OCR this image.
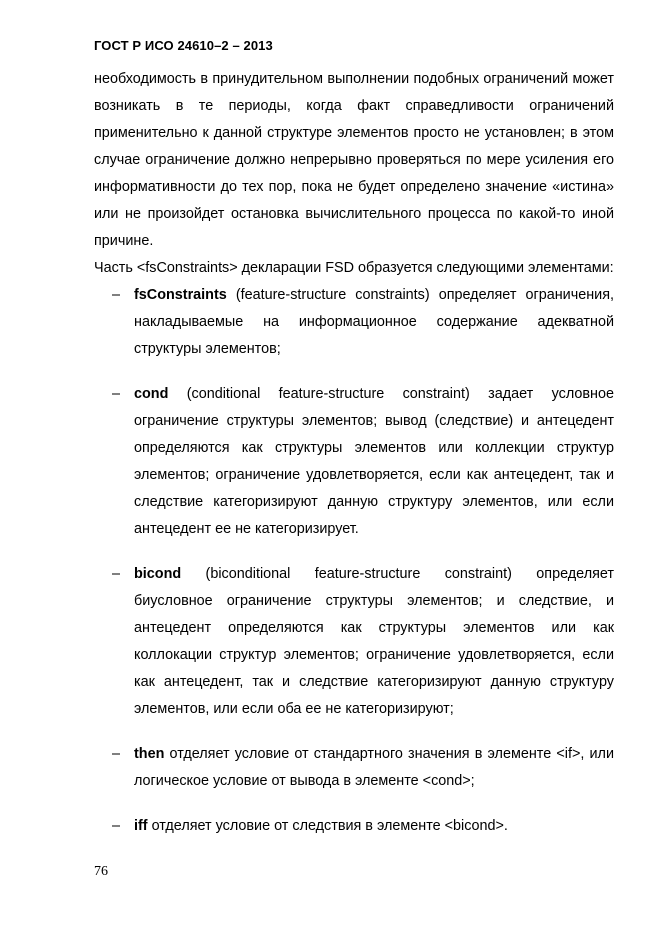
ГОСТ Р ИСО 24610–2 – 2013

необходимость в принудительном выполнении подобных ограничений может возникать в те периоды, когда факт справедливости ограничений применительно к данной структуре элементов просто не установлен; в этом случае ограничение должно непрерывно проверяться по мере усиления его информативности до тех пор, пока не будет определено значение «истина» или не произойдет остановка вычислительного процесса по какой-то иной причине.

Часть <fsConstraints> декларации FSD образуется следующими элементами:

– fsConstraints (feature-structure constraints) определяет ограничения, накладываемые на информационное содержание адекватной структуры элементов;
– cond (conditional feature-structure constraint) задает условное ограничение структуры элементов; вывод (следствие) и антецедент определяются как структуры элементов или коллекции структур элементов; ограничение удовлетворяется, если как антецедент, так и следствие категоризируют данную структуру элементов, или если антецедент ее не категоризирует.
– bicond (biconditional feature-structure constraint) определяет биусловное ограничение структуры элементов; и следствие, и антецедент определяются как структуры элементов или как коллокации структур элементов; ограничение удовлетворяется, если как антецедент, так и следствие категоризируют данную структуру элементов, или если оба ее не категоризируют;
– then отделяет условие от стандартного значения в элементе <if>, или логическое условие от вывода в элементе <cond>;
– iff отделяет условие от следствия в элементе <bicond>.
76
